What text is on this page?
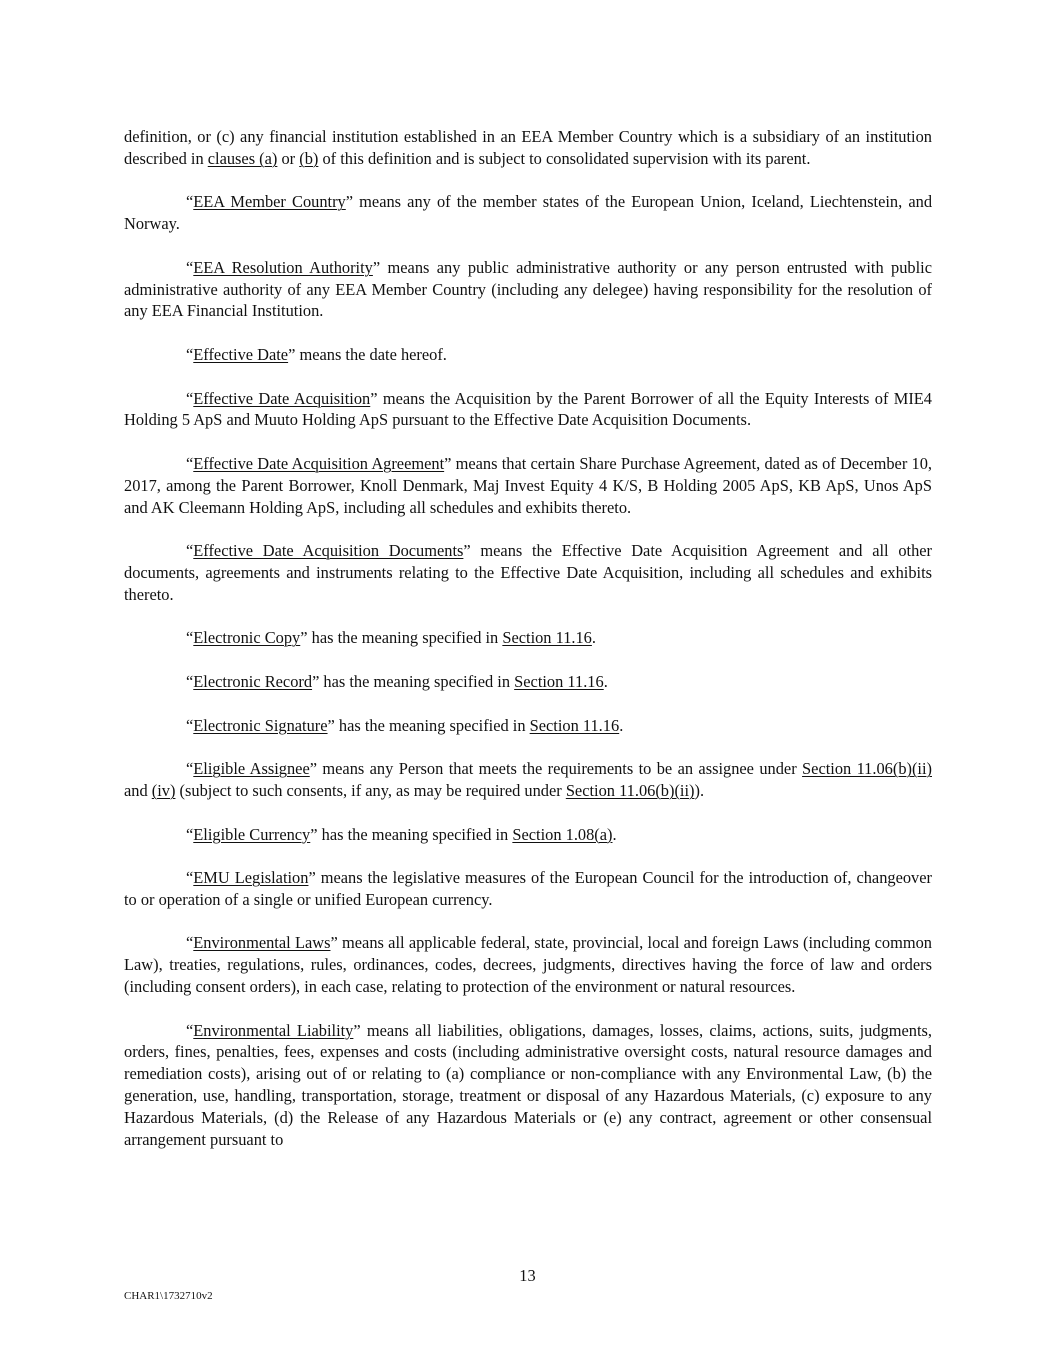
definition, or (c) any financial institution established in an EEA Member Country which is a subsidiary of an institution described in clauses (a) or (b) of this definition and is subject to consolidated supervision with its parent.

“EEA Member Country” means any of the member states of the European Union, Iceland, Liechtenstein, and Norway.

“EEA Resolution Authority” means any public administrative authority or any person entrusted with public administrative authority of any EEA Member Country (including any delegee) having responsibility for the resolution of any EEA Financial Institution.

“Effective Date” means the date hereof.

“Effective Date Acquisition” means the Acquisition by the Parent Borrower of all the Equity Interests of MIE4 Holding 5 ApS and Muuto Holding ApS pursuant to the Effective Date Acquisition Documents.

“Effective Date Acquisition Agreement” means that certain Share Purchase Agreement, dated as of December 10, 2017, among the Parent Borrower, Knoll Denmark, Maj Invest Equity 4 K/S, B Holding 2005 ApS, KB ApS, Unos ApS and AK Cleemann Holding ApS, including all schedules and exhibits thereto.

“Effective Date Acquisition Documents” means the Effective Date Acquisition Agreement and all other documents, agreements and instruments relating to the Effective Date Acquisition, including all schedules and exhibits thereto.

“Electronic Copy” has the meaning specified in Section 11.16.

“Electronic Record” has the meaning specified in Section 11.16.

“Electronic Signature” has the meaning specified in Section 11.16.

“Eligible Assignee” means any Person that meets the requirements to be an assignee under Section 11.06(b)(ii) and (iv) (subject to such consents, if any, as may be required under Section 11.06(b)(ii)).

“Eligible Currency” has the meaning specified in Section 1.08(a).

“EMU Legislation” means the legislative measures of the European Council for the introduction of, changeover to or operation of a single or unified European currency.

“Environmental Laws” means all applicable federal, state, provincial, local and foreign Laws (including common Law), treaties, regulations, rules, ordinances, codes, decrees, judgments, directives having the force of law and orders (including consent orders), in each case, relating to protection of the environment or natural resources.

“Environmental Liability” means all liabilities, obligations, damages, losses, claims, actions, suits, judgments, orders, fines, penalties, fees, expenses and costs (including administrative oversight costs, natural resource damages and remediation costs), arising out of or relating to (a) compliance or non-compliance with any Environmental Law, (b) the generation, use, handling, transportation, storage, treatment or disposal of any Hazardous Materials, (c) exposure to any Hazardous Materials, (d) the Release of any Hazardous Materials or (e) any contract, agreement or other consensual arrangement pursuant to

13
CHAR1\1732710v2
